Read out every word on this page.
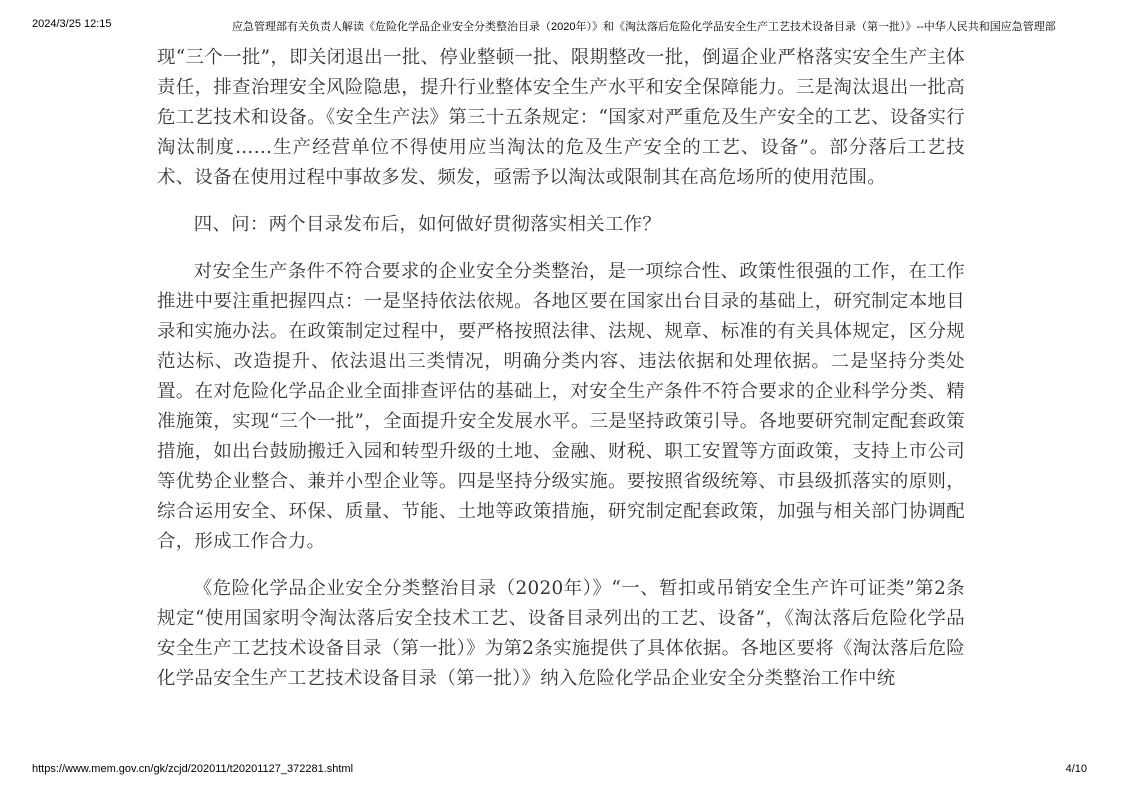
2024/3/25 12:15	应急管理部有关负责人解读《危险化学品企业安全分类整治目录（2020年）》和《淘汰落后危险化学品安全生产工艺技术设备目录（第一批）》--中华人民共和国应急管理部

现“三个一批”，即关闭退出一批、停业整顿一批、限期整改一批，倒逼企业严格落实安全生产主体责任，排查治理安全风险隐患，提升行业整体安全生产水平和安全保障能力。三是淘汰退出一批高危工艺技术和设备。《安全生产法》第三十五条规定：“国家对严重危及生产安全的工艺、设备实行淘汰制度……生产经营单位不得使用应当淘汰的危及生产安全的工艺、设备”。部分落后工艺技术、设备在使用过程中事故多发、频发，亟需予以淘汰或限制其在高危场所的使用范围。

四、问：两个目录发布后，如何做好贯彻落实相关工作？

对安全生产条件不符合要求的企业安全分类整治，是一项综合性、政策性很强的工作，在工作推进中要注重把握四点：一是坚持依法依规。各地区要在国家出台目录的基础上，研究制定本地目录和实施办法。在政策制定过程中，要严格按照法律、法规、规章、标准的有关具体规定，区分规范达标、改造提升、依法退出三类情况，明确分类内容、违法依据和处理依据。二是坚持分类处置。在对危险化学品企业全面排查评估的基础上，对安全生产条件不符合要求的企业科学分类、精准施策，实现“三个一批”，全面提升安全发展水平。三是坚持政策引导。各地要研究制定配套政策措施，如出台鼓励搬迁入园和转型升级的土地、金融、财税、职工安置等方面政策，支持上市公司等优势企业整合、兼并小型企业等。四是坚持分级实施。要按照省级统筹、市县级抓落实的原则，综合运用安全、环保、质量、节能、土地等政策措施，研究制定配套政策，加强与相关部门协调配合，形成工作合力。

《危险化学品企业安全分类整治目录（2020年）》“一、暂扣或吊销安全生产许可证类”第2条规定“使用国家明令淘汰落后安全技术工艺、设备目录列出的工艺、设备”，《淘汰落后危险化学品安全生产工艺技术设备目录（第一批）》为第2条实施提供了具体依据。各地区要将《淘汰落后危险化学品安全生产工艺技术设备目录（第一批）》纳入危险化学品企业安全分类整治工作中统

https://www.mem.gov.cn/gk/zcjd/202011/t20201127_372281.shtml	4/10
